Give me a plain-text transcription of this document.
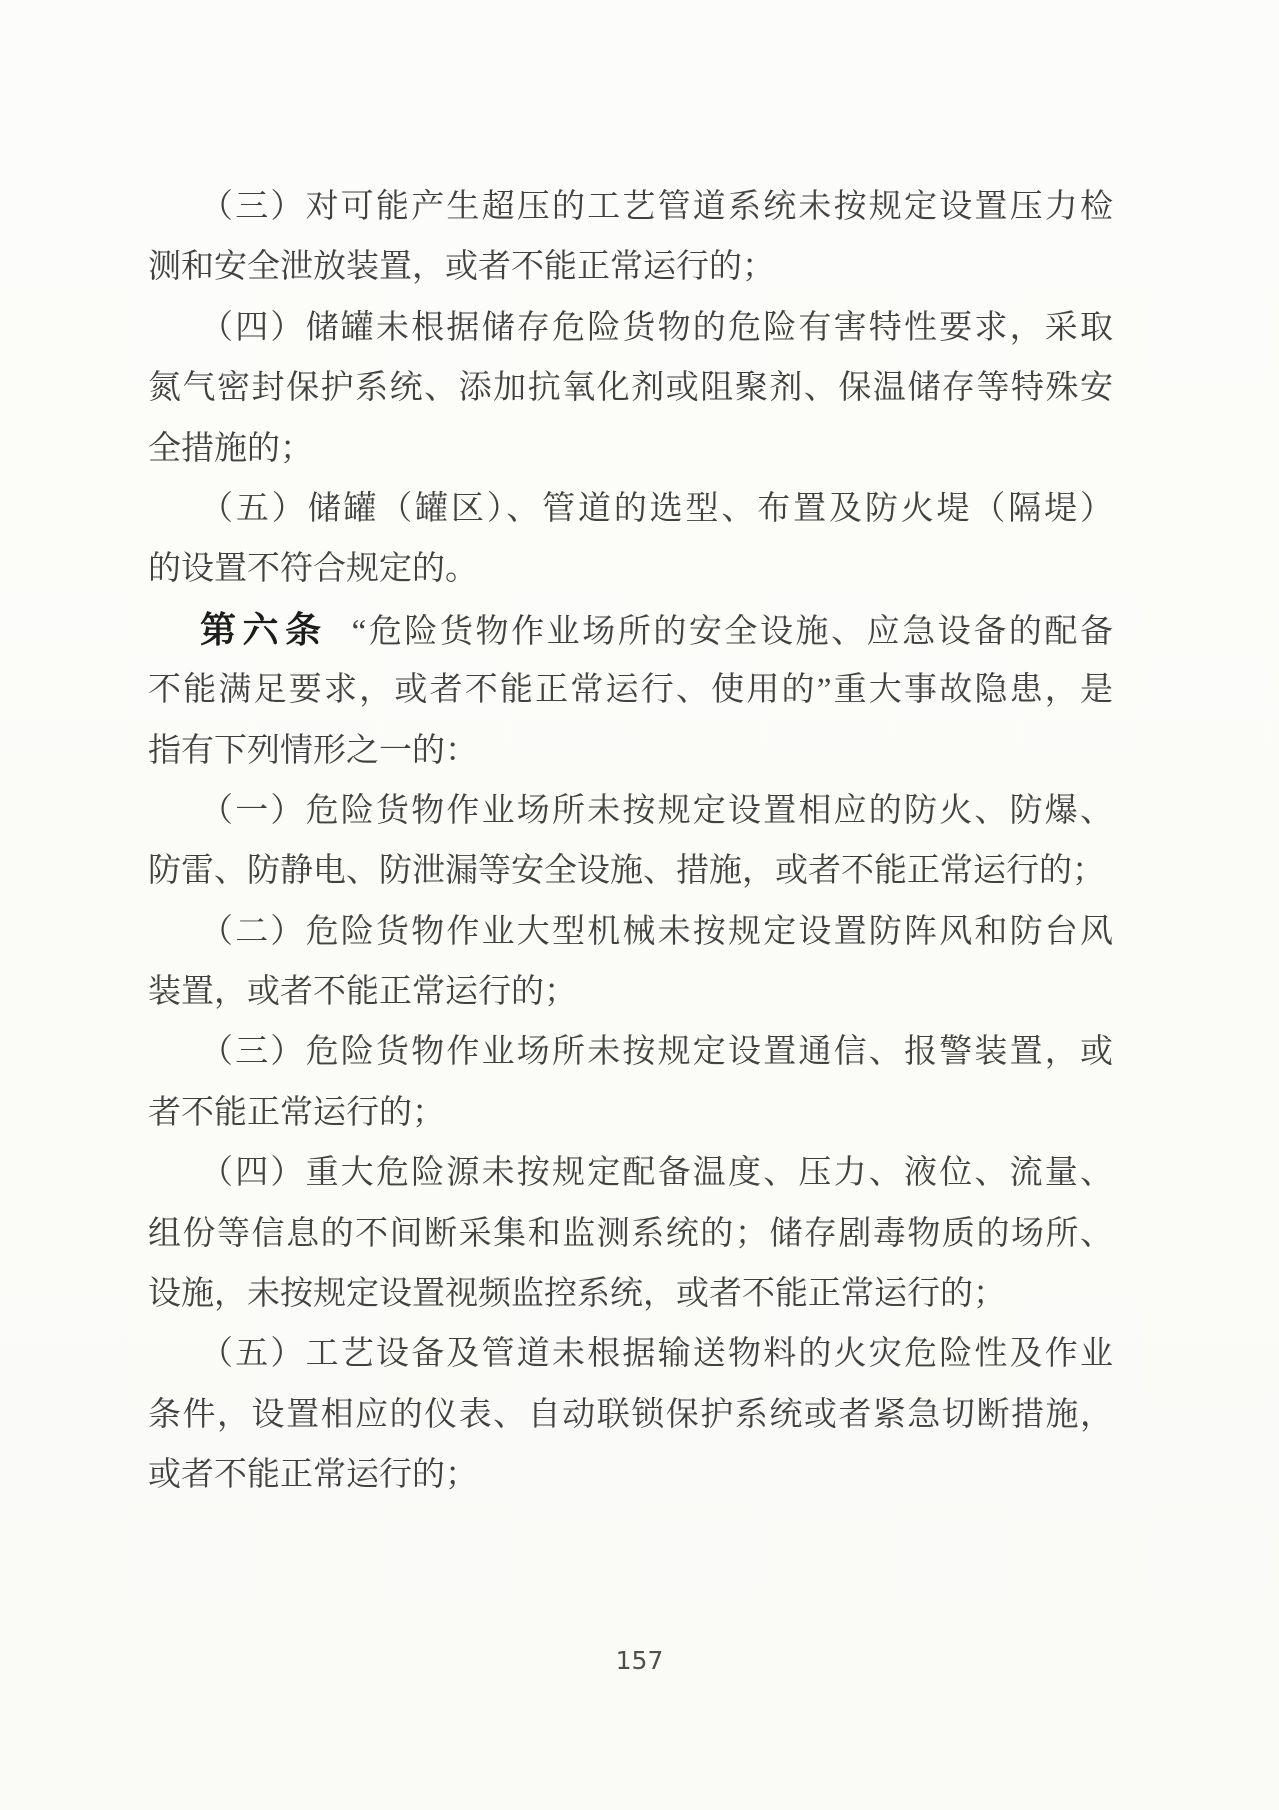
（三）对可能产生超压的工艺管道系统未按规定设置压力检
测和安全泄放装置，或者不能正常运行的；
（四）储罐未根据储存危险货物的危险有害特性要求，采取
氮气密封保护系统、添加抗氧化剂或阻聚剂、保温储存等特殊安
全措施的；
（五）储罐（罐区）、管道的选型、布置及防火堤（隔堤）
的设置不符合规定的。
第六条 “危险货物作业场所的安全设施、应急设备的配备
不能满足要求，或者不能正常运行、使用的”重大事故隐患，是
指有下列情形之一的：
（一）危险货物作业场所未按规定设置相应的防火、防爆、
防雷、防静电、防泄漏等安全设施、措施，或者不能正常运行的；
（二）危险货物作业大型机械未按规定设置防阵风和防台风
装置，或者不能正常运行的；
（三）危险货物作业场所未按规定设置通信、报警装置，或
者不能正常运行的；
（四）重大危险源未按规定配备温度、压力、液位、流量、
组份等信息的不间断采集和监测系统的；储存剧毒物质的场所、
设施，未按规定设置视频监控系统，或者不能正常运行的；
（五）工艺设备及管道未根据输送物料的火灾危险性及作业
条件，设置相应的仪表、自动联锁保护系统或者紧急切断措施，
或者不能正常运行的；
157
